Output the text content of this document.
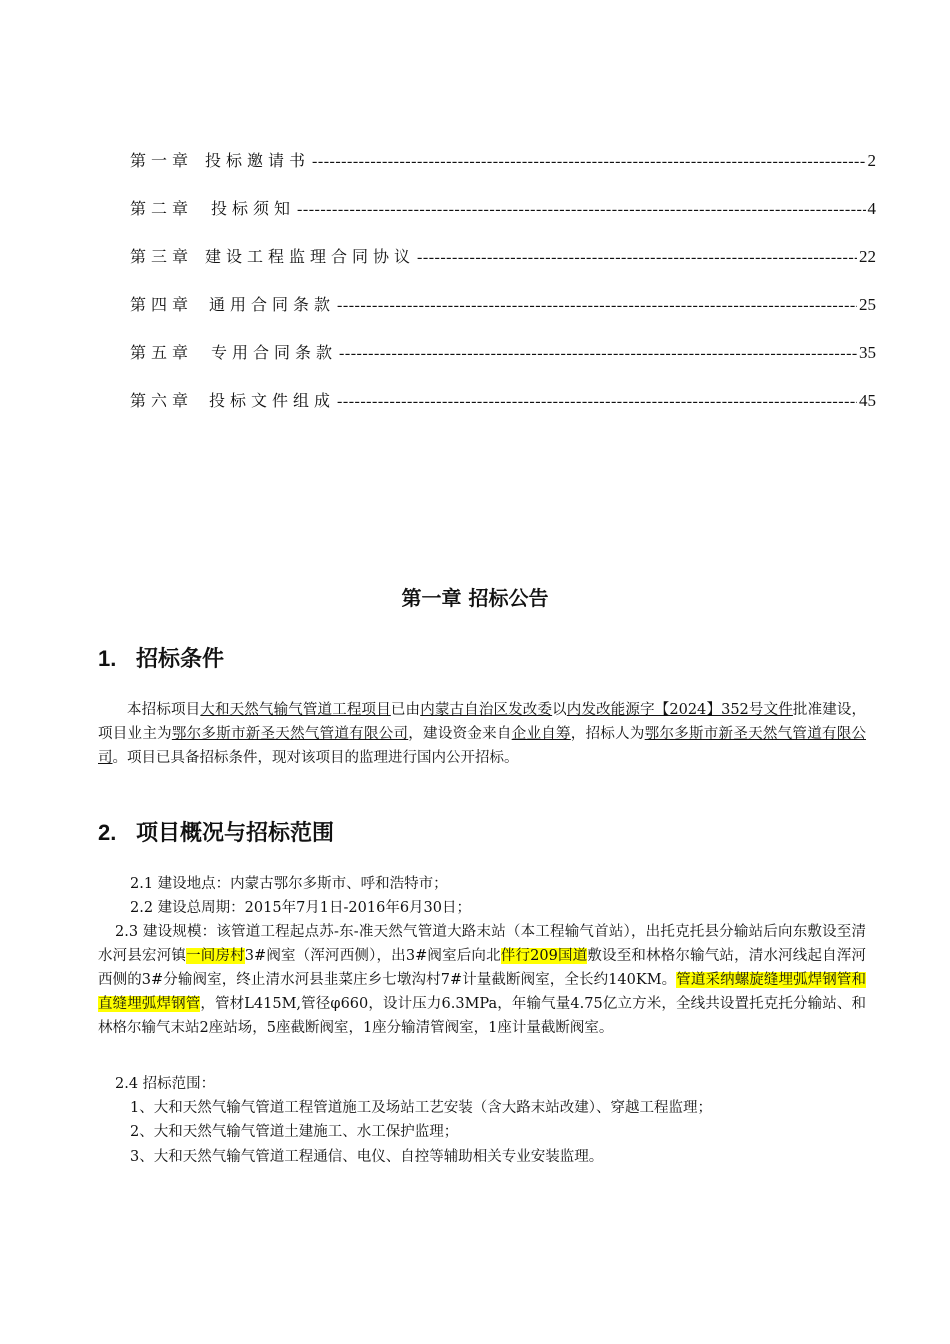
第一章 投标邀请书 -----	2
第二章 投标须知 -----	4
第三章 建设工程监理合同协议 -----	22
第四章 通用合同条款 -----	25
第五章 专用合同条款 -----	35
第六章 投标文件组成 -----	45
第一章 招标公告
1. 招标条件
本招标项目大和天然气输气管道工程项目已由内蒙古自治区发改委以内发改能源字【2024】352号文件批准建设，项目业主为鄂尔多斯市新圣天然气管道有限公司，建设资金来自企业自筹，招标人为鄂尔多斯市新圣天然气管道有限公司。项目已具备招标条件，现对该项目的监理进行国内公开招标。
2. 项目概况与招标范围
2.1 建设地点：内蒙古鄂尔多斯市、呼和浩特市；
2.2 建设总周期：2015年7月1日-2016年6月30日；
2.3 建设规模：该管道工程起点苏-东-准天然气管道大路末站（本工程输气首站），出托克托县分输站后向东敷设至清水河县宏河镇一间房村3#阀室（浑河西侧），出3#阀室后向北伴行209国道敷设至和林格尔输气站，清水河线起自浑河西侧的3#分输阀室，终止清水河县韭菜庄乡七墩沟村7#计量截断阀室，全长约140KM。管道采纳螺旋缝埋弧焊钢管和直缝埋弧焊钢管，管材L415M,管径φ660，设计压力6.3MPa，年输气量4.75亿立方米，全线共设置托克托分输站、和林格尔输气末站2座站场，5座截断阀室，1座分输清管阀室，1座计量截断阀室。
2.4 招标范围：
1、大和天然气输气管道工程管道施工及场站工艺安装（含大路末站改建）、穿越工程监理；
2、大和天然气输气管道土建施工、水工保护监理；
3、大和天然气输气管道工程通信、电仪、自控等辅助相关专业安装监理。
